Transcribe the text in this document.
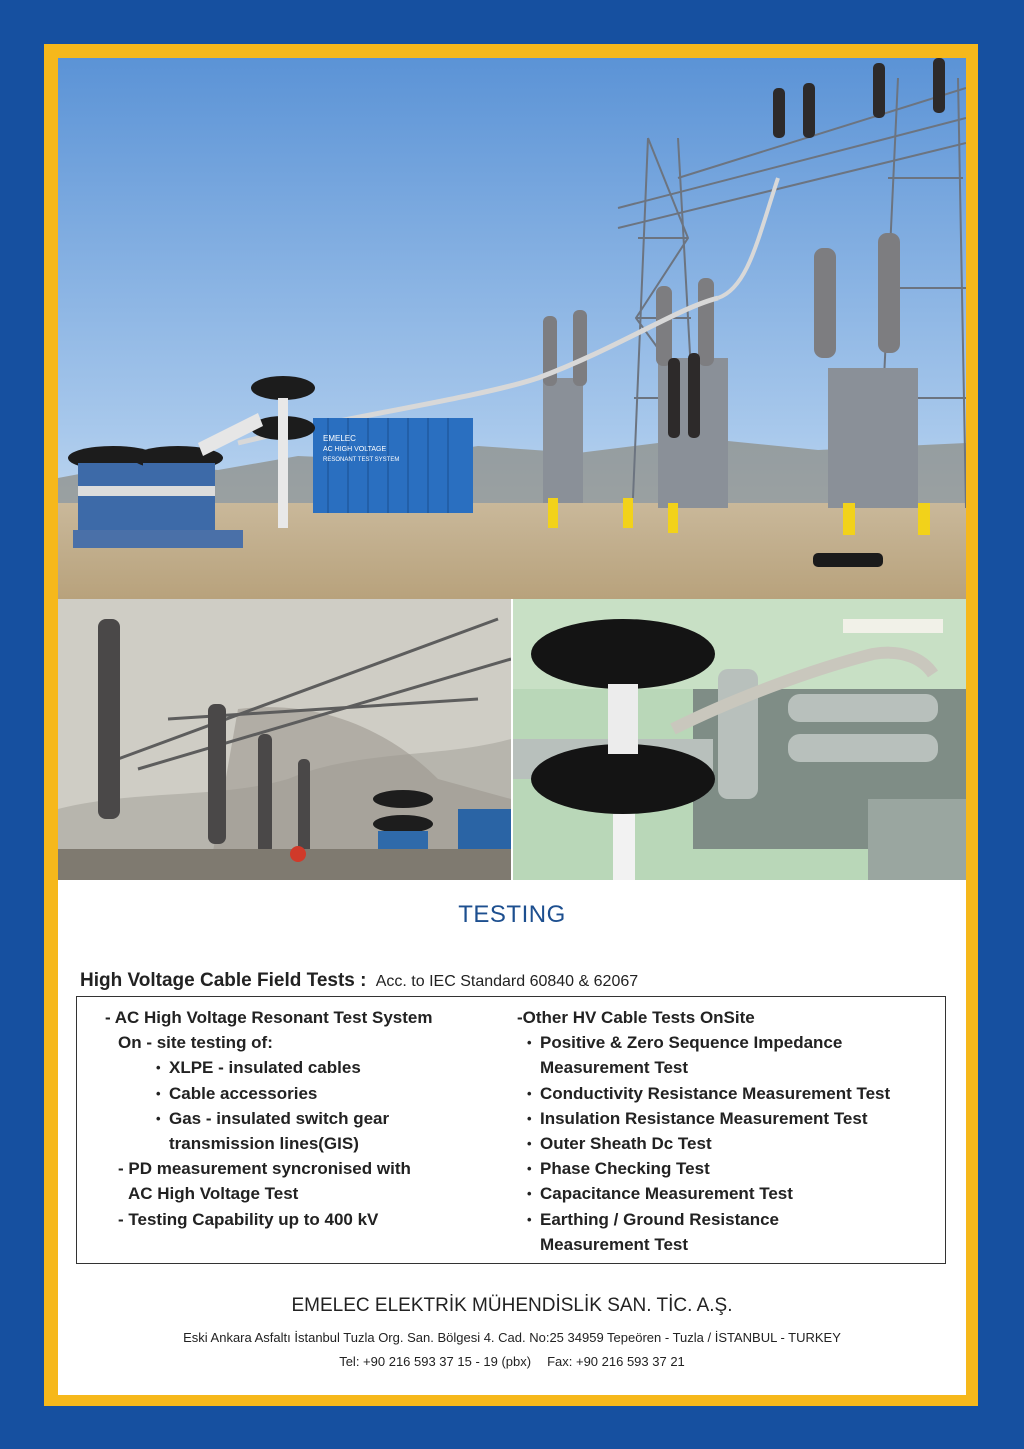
EMELEC
AC HIGH VOLTAGE
RESONANT TEST SYSTEM
TESTING
High Voltage Cable Field Tests : Acc. to IEC Standard 60840 & 62067
- AC High Voltage Resonant Test System
On - site testing of:
• XLPE - insulated cables
• Cable accessories
• Gas - insulated switch gear
transmission lines(GIS)
- PD measurement syncronised with
AC High Voltage Test
- Testing Capability up to 400 kV
-Other HV Cable Tests OnSite
• Positive & Zero Sequence Impedance
Measurement Test
• Conductivity Resistance Measurement Test
• Insulation Resistance Measurement Test
• Outer Sheath Dc Test
• Phase Checking Test
• Capacitance Measurement Test
• Earthing / Ground Resistance
Measurement Test
EMELEC ELEKTRİK MÜHENDİSLİK SAN. TİC. A.Ş.
Eski Ankara Asfaltı İstanbul Tuzla Org. San. Bölgesi 4. Cad. No:25 34959 Tepeören - Tuzla / İSTANBUL - TURKEY
Tel: +90 216 593 37 15 - 19 (pbx) Fax: +90 216 593 37 21
